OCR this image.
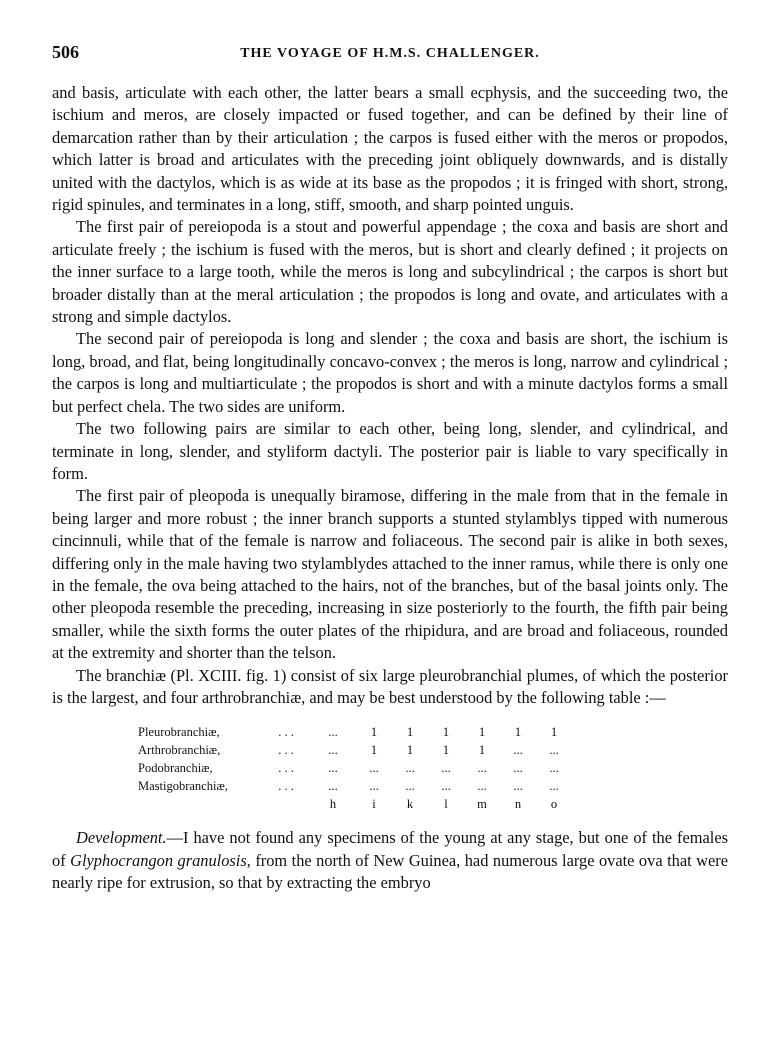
506	THE VOYAGE OF H.M.S. CHALLENGER.

and basis, articulate with each other, the latter bears a small ecphysis, and the succeeding two, the ischium and meros, are closely impacted or fused together, and can be defined by their line of demarcation rather than by their articulation ; the carpos is fused either with the meros or propodos, which latter is broad and articulates with the preceding joint obliquely downwards, and is distally united with the dactylos, which is as wide at its base as the propodos ; it is fringed with short, strong, rigid spinules, and terminates in a long, stiff, smooth, and sharp pointed unguis.

The first pair of pereiopoda is a stout and powerful appendage ; the coxa and basis are short and articulate freely ; the ischium is fused with the meros, but is short and clearly defined ; it projects on the inner surface to a large tooth, while the meros is long and subcylindrical ; the carpos is short but broader distally than at the meral articulation ; the propodos is long and ovate, and articulates with a strong and simple dactylos.

The second pair of pereiopoda is long and slender ; the coxa and basis are short, the ischium is long, broad, and flat, being longitudinally concavo-convex ; the meros is long, narrow and cylindrical ; the carpos is long and multiarticulate ; the propodos is short and with a minute dactylos forms a small but perfect chela. The two sides are uniform.

The two following pairs are similar to each other, being long, slender, and cylindrical, and terminate in long, slender, and styliform dactyli. The posterior pair is liable to vary specifically in form.

The first pair of pleopoda is unequally biramose, differing in the male from that in the female in being larger and more robust ; the inner branch supports a stunted stylamblys tipped with numerous cincinnuli, while that of the female is narrow and foliaceous. The second pair is alike in both sexes, differing only in the male having two stylamblydes attached to the inner ramus, while there is only one in the female, the ova being attached to the hairs, not of the branches, but of the basal joints only. The other pleopoda resemble the preceding, increasing in size posteriorly to the fourth, the fifth pair being smaller, while the sixth forms the outer plates of the rhipidura, and are broad and foliaceous, rounded at the extremity and shorter than the telson.

The branchiæ (Pl. XCIII. fig. 1) consist of six large pleurobranchial plumes, of which the posterior is the largest, and four arthrobranchiæ, and may be best understood by the following table :—

Pleurobranchiæ,	. . .	...	1	1	1	1	1	1
Arthrobranchiæ,	. . .	...	1	1	1	1	...	...
Podobranchiæ,	. . .	...	...	...	...	...	...	...
Mastigobranchiæ,	. . .	...	...	...	...	...	...	...
		h	i	k	l	m	n	o

Development.—I have not found any specimens of the young at any stage, but one of the females of Glyphocrangon granulosis, from the north of New Guinea, had numerous large ovate ova that were nearly ripe for extrusion, so that by extracting the embryo
